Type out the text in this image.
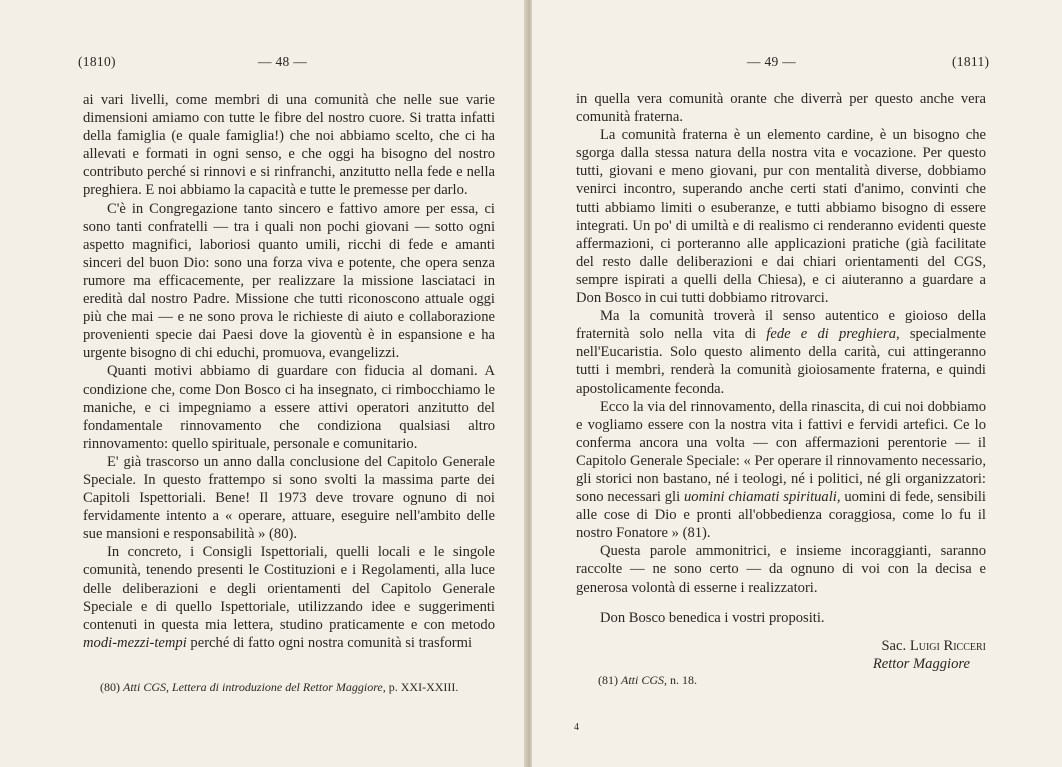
(1810)	— 48 —

ai vari livelli, come membri di una comunità che nelle sue varie dimensioni amiamo con tutte le fibre del nostro cuore. Si tratta infatti della famiglia (e quale famiglia!) che noi abbiamo scelto, che ci ha allevati e formati in ogni senso, e che oggi ha bisogno del nostro contributo perché si rinnovi e si rinfranchi, anzitutto nella fede e nella preghiera. E noi abbiamo la capacità e tutte le premesse per darlo.

C'è in Congregazione tanto sincero e fattivo amore per essa, ci sono tanti confratelli — tra i quali non pochi giovani — sotto ogni aspetto magnifici, laboriosi quanto umili, ricchi di fede e amanti sinceri del buon Dio: sono una forza viva e potente, che opera senza rumore ma efficacemente, per realizzare la missione lasciataci in eredità dal nostro Padre. Missione che tutti riconoscono attuale oggi più che mai — e ne sono prova le richieste di aiuto e collaborazione provenienti specie dai Paesi dove la gioventù è in espansione e ha urgente bisogno di chi educhi, promuova, evangelizzi.

Quanti motivi abbiamo di guardare con fiducia al domani. A condizione che, come Don Bosco ci ha insegnato, ci rimbocchiamo le maniche, e ci impegniamo a essere attivi operatori anzitutto del fondamentale rinnovamento che condiziona qualsiasi altro rinnovamento: quello spirituale, personale e comunitario.

E' già trascorso un anno dalla conclusione del Capitolo Generale Speciale. In questo frattempo si sono svolti la massima parte dei Capitoli Ispettoriali. Bene! Il 1973 deve trovare ognuno di noi fervidamente intento a « operare, attuare, eseguire nell'ambito delle sue mansioni e responsabilità » (80).

In concreto, i Consigli Ispettoriali, quelli locali e le singole comunità, tenendo presenti le Costituzioni e i Regolamenti, alla luce delle deliberazioni e degli orientamenti del Capitolo Generale Speciale e di quello Ispettoriale, utilizzando idee e suggerimenti contenuti in questa mia lettera, studino praticamente e con metodo modi-mezzi-tempi perché di fatto ogni nostra comunità si trasformi

(80) Atti CGS, Lettera di introduzione del Rettor Maggiore, p. XXI-XXIII.
— 49 —	(1811)

in quella vera comunità orante che diverrà per questo anche vera comunità fraterna.

La comunità fraterna è un elemento cardine, è un bisogno che sgorga dalla stessa natura della nostra vita e vocazione. Per questo tutti, giovani e meno giovani, pur con mentalità diverse, dobbiamo venirci incontro, superando anche certi stati d'animo, convinti che tutti abbiamo limiti o esuberanze, e tutti abbiamo bisogno di essere integrati. Un po' di umiltà e di realismo ci renderanno evidenti queste affermazioni, ci porteranno alle applicazioni pratiche (già facilitate del resto dalle deliberazioni e dai chiari orientamenti del CGS, sempre ispirati a quelli della Chiesa), e ci aiuteranno a guardare a Don Bosco in cui tutti dobbiamo ritrovarci.

Ma la comunità troverà il senso autentico e gioioso della fraternità solo nella vita di fede e di preghiera, specialmente nell'Eucaristia. Solo questo alimento della carità, cui attingeranno tutti i membri, renderà la comunità gioiosamente fraterna, e quindi apostolicamente feconda.

Ecco la via del rinnovamento, della rinascita, di cui noi dobbiamo e vogliamo essere con la nostra vita i fattivi e fervidi artefici. Ce lo conferma ancora una volta — con affermazioni perentorie — il Capitolo Generale Speciale: « Per operare il rinnovamento necessario, gli storici non bastano, né i teologi, né i politici, né gli organizzatori: sono necessari gli uomini chiamati spirituali, uomini di fede, sensibili alle cose di Dio e pronti all'obbedienza coraggiosa, come lo fu il nostro Fonatore » (81).

Questa parole ammonitrici, e insieme incoraggianti, saranno raccolte — ne sono certo — da ognuno di voi con la decisa e generosa volontà di esserne i realizzatori.

Don Bosco benedica i vostri propositi.

Sac. Luigi Ricceri
Rettor Maggiore
(81) Atti CGS, n. 18.
4
